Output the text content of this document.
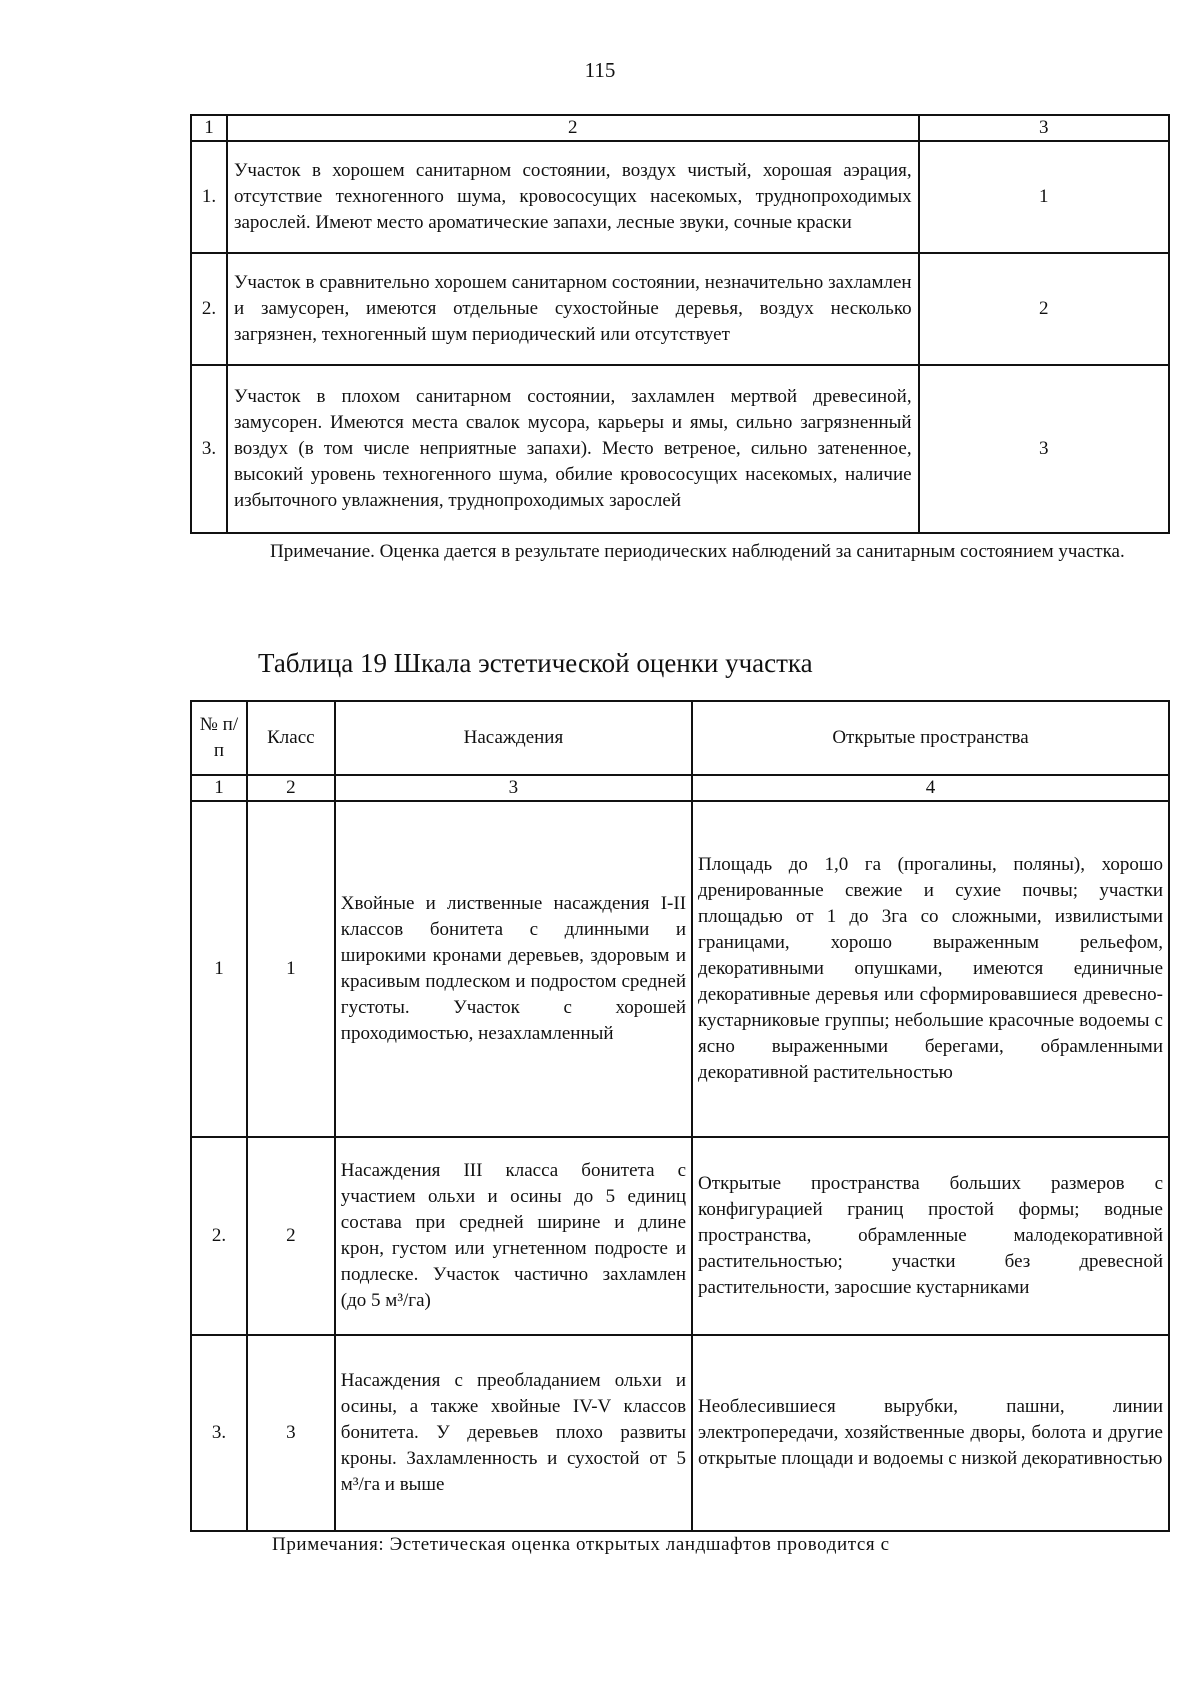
115
1	2	3
1.	Участок в хорошем санитарном состоянии, воздух чистый, хорошая аэрация, отсутствие техногенного шума, кровососущих насекомых, труднопроходимых зарослей. Имеют место ароматические запахи, лесные звуки, сочные краски	1
2.	Участок в сравнительно хорошем санитарном состоянии, незначительно захламлен и замусорен, имеются отдельные сухостойные деревья, воздух несколько загрязнен, техногенный шум периодический или отсутствует	2
3.	Участок в плохом санитарном состоянии, захламлен мертвой древесиной, замусорен. Имеются места свалок мусора, карьеры и ямы, сильно загрязненный воздух (в том числе неприятные запахи). Место ветреное, сильно затененное, высокий уровень техногенного шума, обилие кровососущих насекомых, наличие избыточного увлажнения, труднопроходимых зарослей	3
Примечание. Оценка дается в результате периодических наблюдений за санитарным состоянием участка.
Таблица 19 Шкала эстетической оценки участка
№ п/п	Класс	Насаждения	Открытые пространства
1	2	3	4
1	1	Хвойные и лиственные насаждения I-II классов бонитета с длинными и широкими кронами деревьев, здоровым и красивым подлеском и подростом средней густоты. Участок с хорошей проходимостью, незахламленный	Площадь до 1,0 га (прогалины, поляны), хорошо дренированные свежие и сухие почвы; участки площадью от 1 до 3га со сложными, извилистыми границами, хорошо выраженным рельефом, декоративными опушками, имеются единичные декоративные деревья или сформировавшиеся древесно-кустарниковые группы; небольшие красочные водоемы с ясно выраженными берегами, обрамленными декоративной растительностью
2.	2	Насаждения III класса бонитета с участием ольхи и осины до 5 единиц состава при средней ширине и длине крон, густом или угнетенном подросте и подлеске. Участок частично захламлен (до 5 м³/га)	Открытые пространства больших размеров с конфигурацией границ простой формы; водные пространства, обрамленные малодекоративной растительностью; участки без древесной растительности, заросшие кустарниками
3.	3	Насаждения с преобладанием ольхи и осины, а также хвойные IV-V классов бонитета. У деревьев плохо развиты кроны. Захламленность и сухостой от 5 м³/га и выше	Необлесившиеся вырубки, пашни, линии электропередачи, хозяйственные дворы, болота и другие открытые площади и водоемы с низкой декоративностью
Примечания: Эстетическая оценка открытых ландшафтов проводится с
